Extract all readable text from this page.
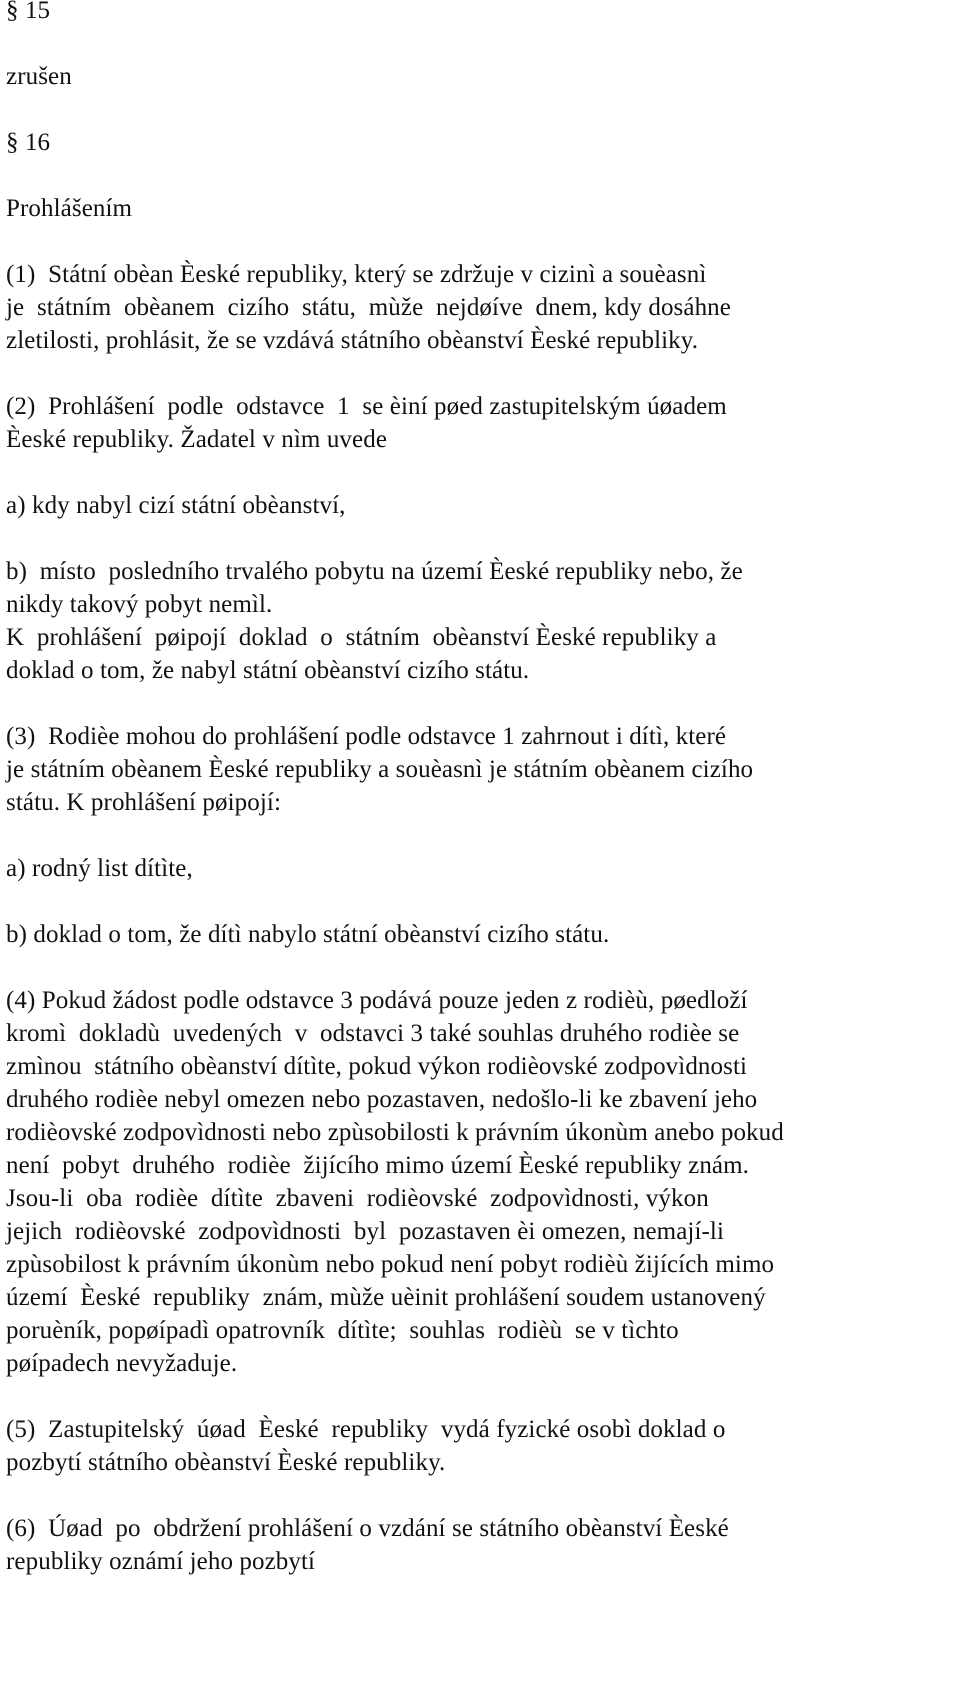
§ 15
zrušen
§ 16
Prohlášením
(1)  Státní obèan Èeské republiky, který se zdržuje v cizinì a souèasnì
je  státním  obèanem  cizího  státu,  mùže  nejdøíve  dnem, kdy dosáhne
zletilosti, prohlásit, že se vzdává státního obèanství Èeské republiky.
(2)  Prohlášení  podle  odstavce  1  se èiní pøed zastupitelským úøadem
Èeské republiky. Žadatel v nìm uvede
a) kdy nabyl cizí státní obèanství,
b)  místo  posledního trvalého pobytu na území Èeské republiky nebo, že
nikdy takový pobyt nemìl.
K  prohlášení  pøipojí  doklad  o  státním  obèanství Èeské republiky a
doklad o tom, že nabyl státní obèanství cizího státu.
(3)  Rodièe mohou do prohlášení podle odstavce 1 zahrnout i dítì, které
je státním obèanem Èeské republiky a souèasnì je státním obèanem cizího
státu. K prohlášení pøipojí:
a) rodný list dítìte,
b) doklad o tom, že dítì nabylo státní obèanství cizího státu.
(4) Pokud žádost podle odstavce 3 podává pouze jeden z rodièù, pøedloží
kromì  dokladù  uvedených  v  odstavci 3 také souhlas druhého rodièe se
zmìnou  státního obèanství dítìte, pokud výkon rodièovské zodpovìdnosti
druhého rodièe nebyl omezen nebo pozastaven, nedošlo-li ke zbavení jeho
rodièovské zodpovìdnosti nebo zpùsobilosti k právním úkonùm anebo pokud
není  pobyt  druhého  rodièe  žijícího mimo území Èeské republiky znám.
Jsou-li  oba  rodièe  dítìte  zbaveni  rodièovské  zodpovìdnosti, výkon
jejich  rodièovské  zodpovìdnosti  byl  pozastaven èi omezen, nemají-li
zpùsobilost k právním úkonùm nebo pokud není pobyt rodièù žijících mimo
území  Èeské  republiky  znám, mùže uèinit prohlášení soudem ustanovený
poruèník, popøípadì opatrovník  dítìte;  souhlas  rodièù  se v tìchto
pøípadech nevyžaduje.
(5)  Zastupitelský  úøad  Èeské  republiky  vydá fyzické osobì doklad o
pozbytí státního obèanství Èeské republiky.
(6)  Úøad  po  obdržení prohlášení o vzdání se státního obèanství Èeské
republiky oznámí jeho pozbytí
